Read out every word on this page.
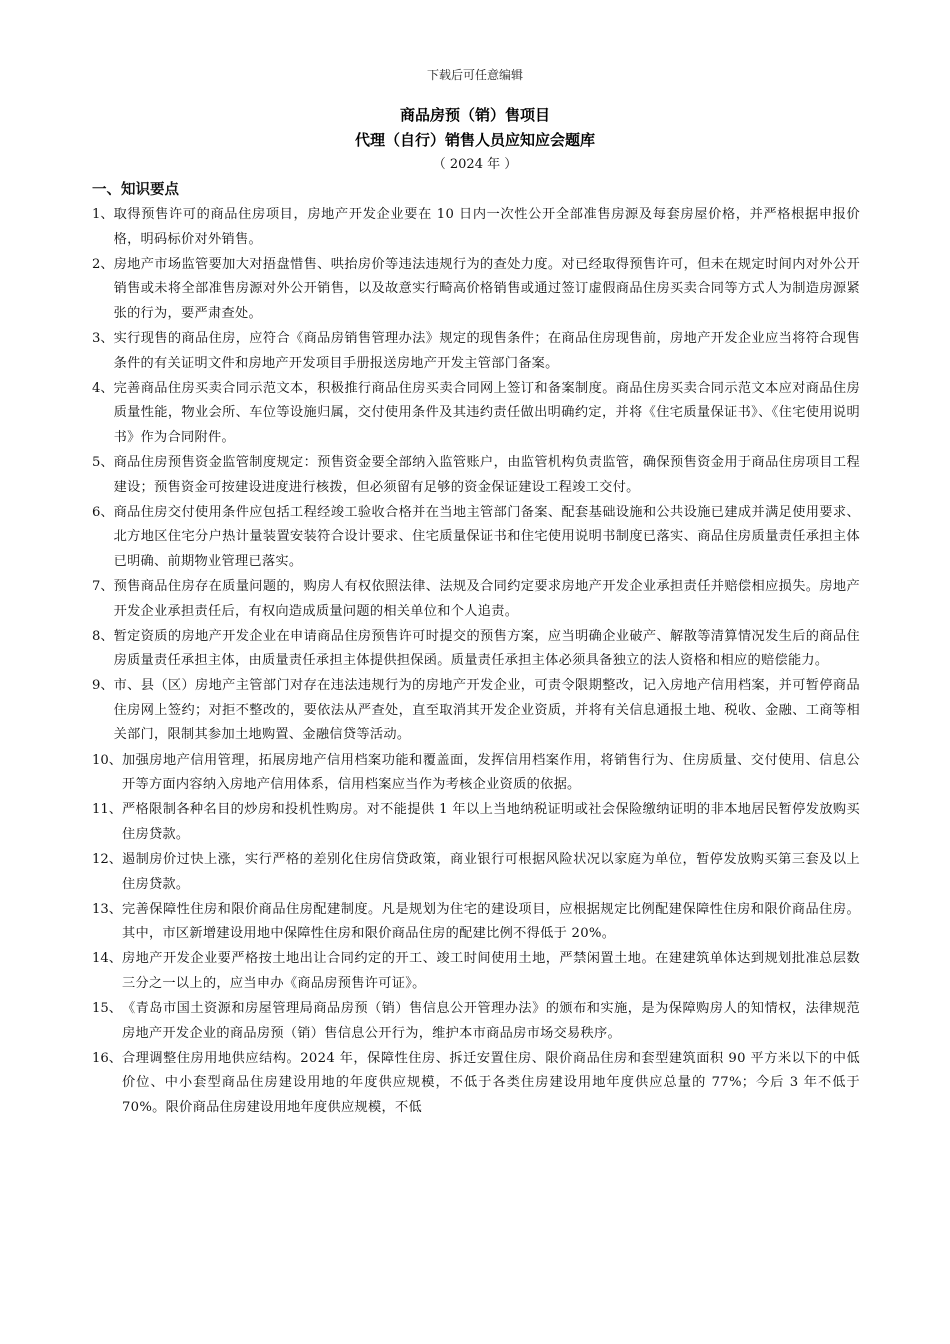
下载后可任意编辑
商品房预（销）售项目
代理（自行）销售人员应知应会题库
（ 2024 年 ）
一、知识要点
1、 取得预售许可的商品住房项目，房地产开发企业要在 10 日内一次性公开全部准售房源及每套房屋价格，并严格根据申报价格，明码标价对外销售。
2、 房地产市场监管要加大对捂盘惜售、哄抬房价等违法违规行为的查处力度。对已经取得预售许可，但未在规定时间内对外公开销售或未将全部准售房源对外公开销售，以及故意实行畸高价格销售或通过签订虚假商品住房买卖合同等方式人为制造房源紧张的行为，要严肃查处。
3、 实行现售的商品住房，应符合《商品房销售管理办法》规定的现售条件；在商品住房现售前，房地产开发企业应当将符合现售条件的有关证明文件和房地产开发项目手册报送房地产开发主管部门备案。
4、 完善商品住房买卖合同示范文本，积极推行商品住房买卖合同网上签订和备案制度。商品住房买卖合同示范文本应对商品住房质量性能，物业会所、车位等设施归属，交付使用条件及其违约责任做出明确约定，并将《住宅质量保证书》、《住宅使用说明书》作为合同附件。
5、 商品住房预售资金监管制度规定：预售资金要全部纳入监管账户，由监管机构负责监管，确保预售资金用于商品住房项目工程建设；预售资金可按建设进度进行核拨，但必须留有足够的资金保证建设工程竣工交付。
6、 商品住房交付使用条件应包括工程经竣工验收合格并在当地主管部门备案、配套基础设施和公共设施已建成并满足使用要求、北方地区住宅分户热计量装置安装符合设计要求、住宅质量保证书和住宅使用说明书制度已落实、商品住房质量责任承担主体已明确、前期物业管理已落实。
7、 预售商品住房存在质量问题的，购房人有权依照法律、法规及合同约定要求房地产开发企业承担责任并赔偿相应损失。房地产开发企业承担责任后，有权向造成质量问题的相关单位和个人追责。
8、 暂定资质的房地产开发企业在申请商品住房预售许可时提交的预售方案，应当明确企业破产、解散等清算情况发生后的商品住房质量责任承担主体，由质量责任承担主体提供担保函。质量责任承担主体必须具备独立的法人资格和相应的赔偿能力。
9、 市、县（区）房地产主管部门对存在违法违规行为的房地产开发企业，可责令限期整改，记入房地产信用档案，并可暂停商品住房网上签约；对拒不整改的，要依法从严查处，直至取消其开发企业资质，并将有关信息通报土地、税收、金融、工商等相关部门，限制其参加土地购置、金融信贷等活动。
10、 加强房地产信用管理，拓展房地产信用档案功能和覆盖面，发挥信用档案作用，将销售行为、住房质量、交付使用、信息公开等方面内容纳入房地产信用体系，信用档案应当作为考核企业资质的依据。
11、 严格限制各种名目的炒房和投机性购房。对不能提供 1 年以上当地纳税证明或社会保险缴纳证明的非本地居民暂停发放购买住房贷款。
12、 遏制房价过快上涨，实行严格的差别化住房信贷政策，商业银行可根据风险状况以家庭为单位，暂停发放购买第三套及以上住房贷款。
13、 完善保障性住房和限价商品住房配建制度。凡是规划为住宅的建设项目，应根据规定比例配建保障性住房和限价商品住房。其中，市区新增建设用地中保障性住房和限价商品住房的配建比例不得低于 20%。
14、 房地产开发企业要严格按土地出让合同约定的开工、竣工时间使用土地，严禁闲置土地。在建建筑单体达到规划批准总层数三分之一以上的，应当申办《商品房预售许可证》。
15、 《青岛市国土资源和房屋管理局商品房预（销）售信息公开管理办法》的颁布和实施，是为保障购房人的知情权，法律规范房地产开发企业的商品房预（销）售信息公开行为，维护本市商品房市场交易秩序。
16、 合理调整住房用地供应结构。2024 年，保障性住房、拆迁安置住房、限价商品住房和套型建筑面积 90 平方米以下的中低价位、中小套型商品住房建设用地的年度供应规模，不低于各类住房建设用地年度供应总量的 77%；今后 3 年不低于 70%。限价商品住房建设用地年度供应规模，不低
